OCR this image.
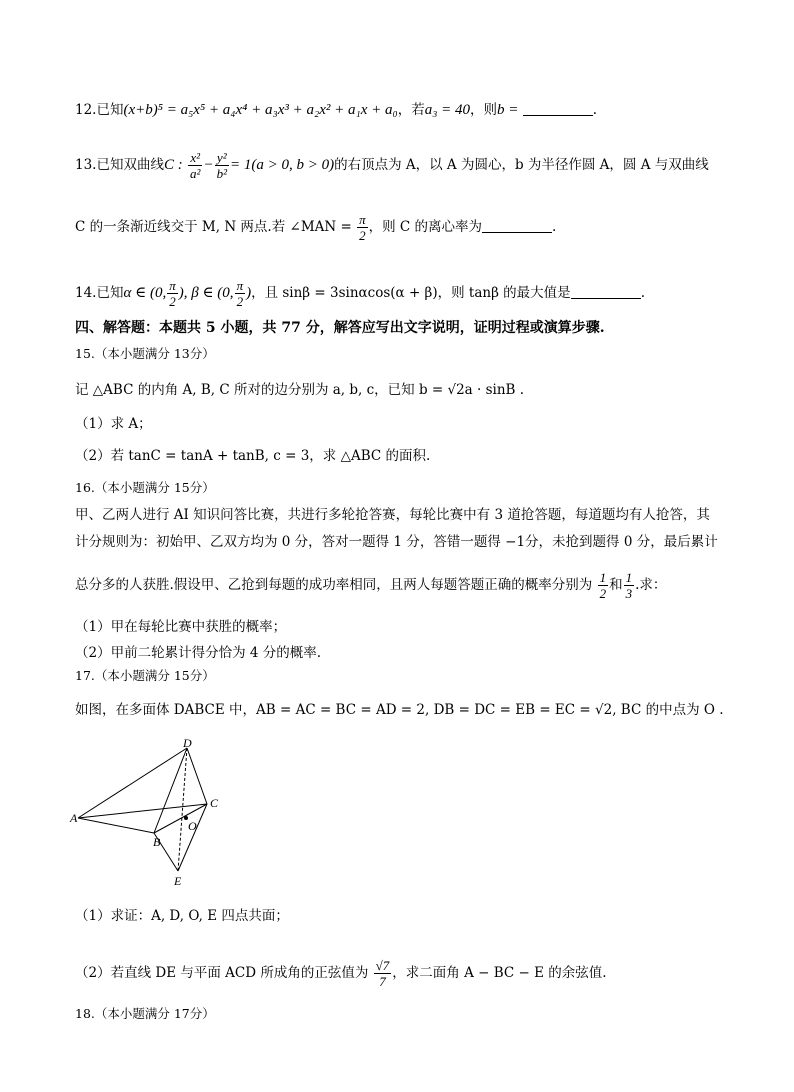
12.已知(x+b)⁵ = a₅x⁵ + a₄x⁴ + a₃x³ + a₂x² + a₁x + a₀，若a₃ = 40，则b =	.
13.已知双曲线C : $\frac{\text{x²}}{\text{a²}} - \frac{\text{y²}}{\text{b²}} = 1(a > 0$, b > 0)的右顶点为 A，以 A 为圆心，b 为半径作圆 A，圆 A 与双曲线
C 的一条渐近线交于 M, N 两点.若 ∠MAN = $\frac{\pi}{2}$ ，则 C 的离心率为	.
14.已知α ∈ (0, $\frac{\pi}{2}$ ), β ∈ (0, $\frac{\pi}{2}$ )，且 sinβ = 3sinαcos(α + β)，则 tanβ 的最大值是	.
四、解答题：本题共 5 小题，共 77 分，解答应写出文字说明，证明过程或演算步骤.
15.（本小题满分 13分）
记 △ABC 的内角 A, B, C 所对的边分别为 a, b, c，已知 b = √2a · sinB .
（1）求 A；
（2）若 tanC = tanA + tanB, c = 3，求 △ABC 的面积.
16.（本小题满分 15分）
甲、乙两人进行 AI 知识问答比赛，共进行多轮抢答赛，每轮比赛中有 3 道抢答题，每道题均有人抢答，其
计分规则为：初始甲、乙双方均为 0 分，答对一题得 1 分，答错一题得 −1分，未抢到题得 0 分，最后累计
总分多的人获胜.假设甲、乙抢到每题的成功率相同，且两人每题答题正确的概率分别为 $\frac{1}{2}$ 和 $\frac{1}{3}$ .求：
（1）甲在每轮比赛中获胜的概率；
（2）甲前二轮累计得分恰为 4 分的概率.
17.（本小题满分 15分）
如图，在多面体 DABCE 中，AB = AC = BC = AD = 2, DB = DC = EB = EC = √2, BC 的中点为 O .
D
A
C
O
B
E
（1）求证：A, D, O, E 四点共面；
（2）若直线 DE 与平面 ACD 所成角的正弦值为 $\frac{√7}{7}$ ，求二面角 A − BC − E 的余弦值.
18.（本小题满分 17分）
